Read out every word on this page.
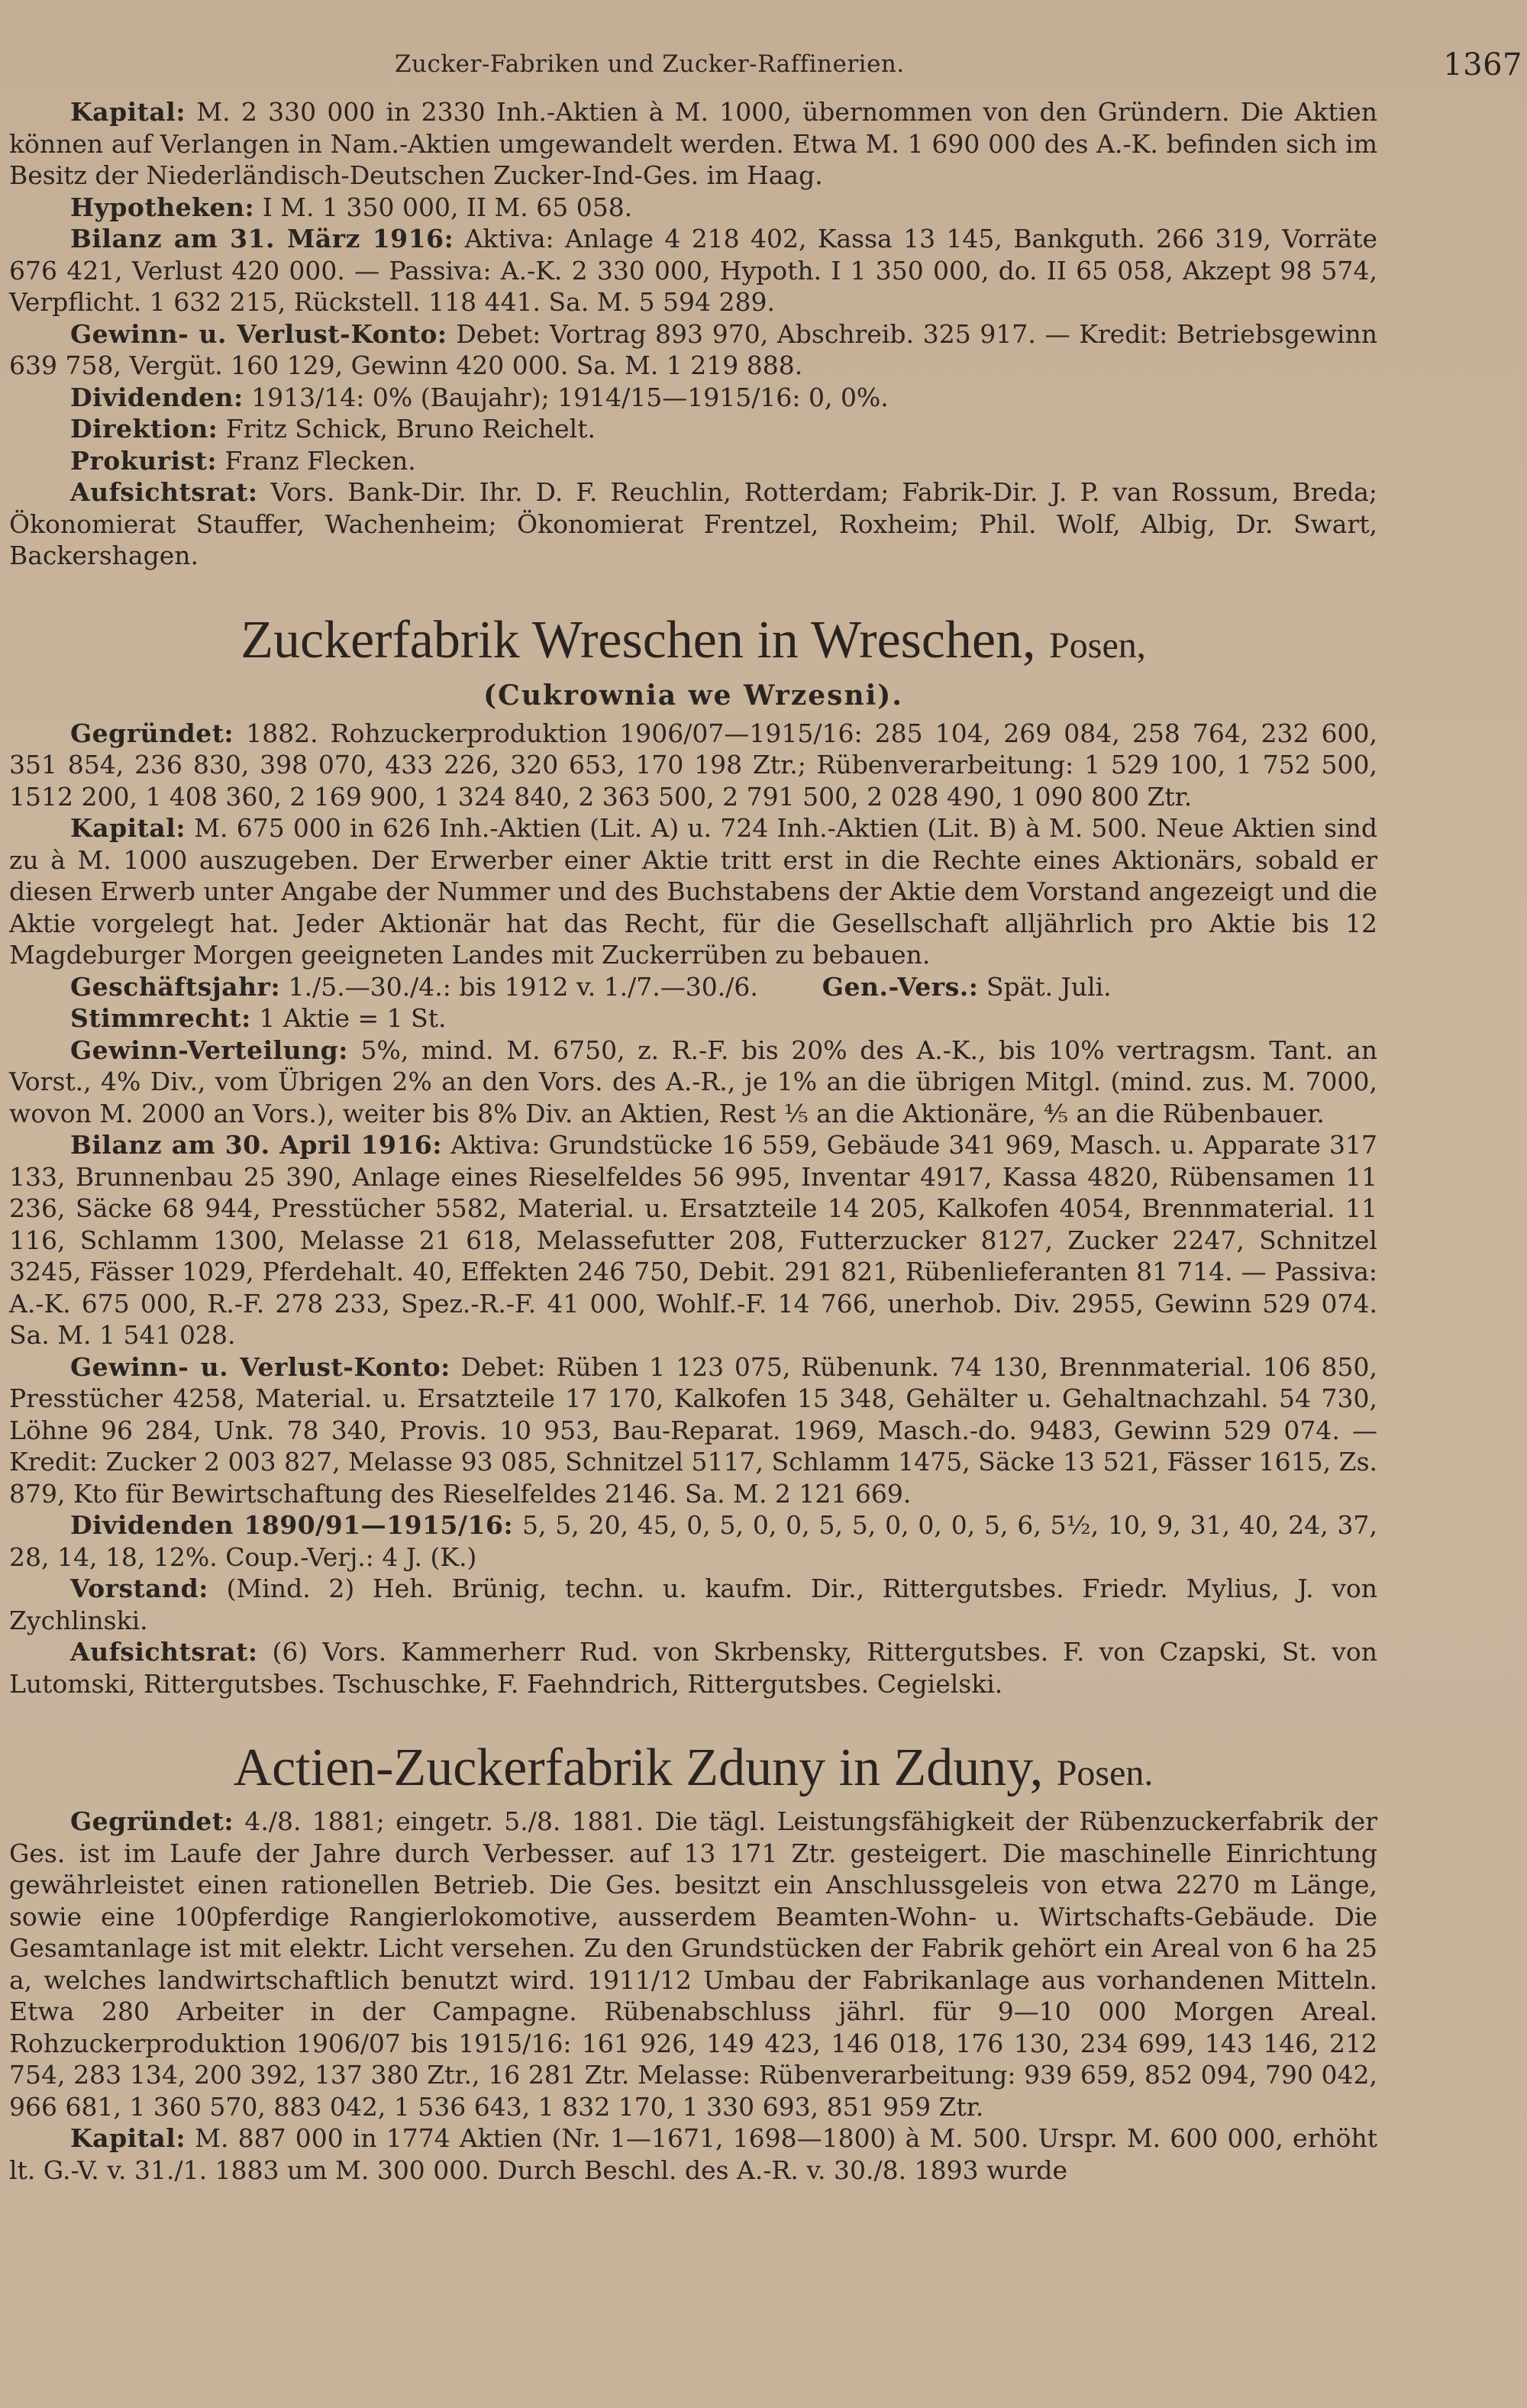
Zucker-Fabriken und Zucker-Raffinerien.	1367

Kapital: M. 2 330 000 in 2330 Inh.-Aktien à M. 1000, übernommen von den Gründern. Die Aktien können auf Verlangen in Nam.-Aktien umgewandelt werden. Etwa M. 1 690 000 des A.-K. befinden sich im Besitz der Niederländisch-Deutschen Zucker-Ind-Ges. im Haag.

Hypotheken: I M. 1 350 000, II M. 65 058.

Bilanz am 31. März 1916: Aktiva: Anlage 4 218 402, Kassa 13 145, Bankguth. 266 319, Vorräte 676 421, Verlust 420 000. — Passiva: A.-K. 2 330 000, Hypoth. I 1 350 000, do. II 65 058, Akzept 98 574, Verpflicht. 1 632 215, Rückstell. 118 441. Sa. M. 5 594 289.

Gewinn- u. Verlust-Konto: Debet: Vortrag 893 970, Abschreib. 325 917. — Kredit: Betriebsgewinn 639 758, Vergüt. 160 129, Gewinn 420 000. Sa. M. 1 219 888.

Dividenden: 1913/14: 0% (Baujahr); 1914/15—1915/16: 0, 0%.

Direktion: Fritz Schick, Bruno Reichelt.

Prokurist: Franz Flecken.

Aufsichtsrat: Vors. Bank-Dir. Ihr. D. F. Reuchlin, Rotterdam; Fabrik-Dir. J. P. van Rossum, Breda; Ökonomierat Stauffer, Wachenheim; Ökonomierat Frentzel, Roxheim; Phil. Wolf, Albig, Dr. Swart, Backershagen.

Zuckerfabrik Wreschen in Wreschen, Posen,
(Cukrownia we Wrzesni).

Gegründet: 1882. Rohzuckerproduktion 1906/07—1915/16: 285 104, 269 084, 258 764, 232 600, 351 854, 236 830, 398 070, 433 226, 320 653, 170 198 Ztr.; Rübenverarbeitung: 1 529 100, 1 752 500, 1512 200, 1 408 360, 2 169 900, 1 324 840, 2 363 500, 2 791 500, 2 028 490, 1 090 800 Ztr.

Kapital: M. 675 000 in 626 Inh.-Aktien (Lit. A) u. 724 Inh.-Aktien (Lit. B) à M. 500. Neue Aktien sind zu à M. 1000 auszugeben. Der Erwerber einer Aktie tritt erst in die Rechte eines Aktionärs, sobald er diesen Erwerb unter Angabe der Nummer und des Buchstabens der Aktie dem Vorstand angezeigt und die Aktie vorgelegt hat. Jeder Aktionär hat das Recht, für die Gesellschaft alljährlich pro Aktie bis 12 Magdeburger Morgen geeigneten Landes mit Zuckerrüben zu bebauen.

Geschäftsjahr: 1./5.—30./4.: bis 1912 v. 1./7.—30./6.	Gen.-Vers.: Spät. Juli.

Stimmrecht: 1 Aktie = 1 St.

Gewinn-Verteilung: 5%, mind. M. 6750, z. R.-F. bis 20% des A.-K., bis 10% vertragsm. Tant. an Vorst., 4% Div., vom Übrigen 2% an den Vors. des A.-R., je 1% an die übrigen Mitgl. (mind. zus. M. 7000, wovon M. 2000 an Vors.), weiter bis 8% Div. an Aktien, Rest ⅕ an die Aktionäre, ⅘ an die Rübenbauer.

Bilanz am 30. April 1916: Aktiva: Grundstücke 16 559, Gebäude 341 969, Masch. u. Apparate 317 133, Brunnenbau 25 390, Anlage eines Rieselfeldes 56 995, Inventar 4917, Kassa 4820, Rübensamen 11 236, Säcke 68 944, Presstücher 5582, Material. u. Ersatzteile 14 205, Kalkofen 4054, Brennmaterial. 11 116, Schlamm 1300, Melasse 21 618, Melassefutter 208, Futterzucker 8127, Zucker 2247, Schnitzel 3245, Fässer 1029, Pferdehalt. 40, Effekten 246 750, Debit. 291 821, Rübenlieferanten 81 714. — Passiva: A.-K. 675 000, R.-F. 278 233, Spez.-R.-F. 41 000, Wohlf.-F. 14 766, unerhob. Div. 2955, Gewinn 529 074. Sa. M. 1 541 028.

Gewinn- u. Verlust-Konto: Debet: Rüben 1 123 075, Rübenunk. 74 130, Brennmaterial. 106 850, Presstücher 4258, Material. u. Ersatzteile 17 170, Kalkofen 15 348, Gehälter u. Gehaltnachzahl. 54 730, Löhne 96 284, Unk. 78 340, Provis. 10 953, Bau-Reparat. 1969, Masch.-do. 9483, Gewinn 529 074. — Kredit: Zucker 2 003 827, Melasse 93 085, Schnitzel 5117, Schlamm 1475, Säcke 13 521, Fässer 1615, Zs. 879, Kto für Bewirtschaftung des Rieselfeldes 2146. Sa. M. 2 121 669.

Dividenden 1890/91—1915/16: 5, 5, 20, 45, 0, 5, 0, 0, 5, 5, 0, 0, 0, 5, 6, 5½, 10, 9, 31, 40, 24, 37, 28, 14, 18, 12%. Coup.-Verj.: 4 J. (K.)

Vorstand: (Mind. 2) Heh. Brünig, techn. u. kaufm. Dir., Rittergutsbes. Friedr. Mylius, J. von Zychlinski.

Aufsichtsrat: (6) Vors. Kammerherr Rud. von Skrbensky, Rittergutsbes. F. von Czapski, St. von Lutomski, Rittergutsbes. Tschuschke, F. Faehndrich, Rittergutsbes. Cegielski.

Actien-Zuckerfabrik Zduny in Zduny, Posen.

Gegründet: 4./8. 1881; eingetr. 5./8. 1881. Die tägl. Leistungsfähigkeit der Rübenzuckerfabrik der Ges. ist im Laufe der Jahre durch Verbesser. auf 13 171 Ztr. gesteigert. Die maschinelle Einrichtung gewährleistet einen rationellen Betrieb. Die Ges. besitzt ein Anschlussgeleis von etwa 2270 m Länge, sowie eine 100pferdige Rangierlokomotive, ausserdem Beamten-Wohn- u. Wirtschafts-Gebäude. Die Gesamtanlage ist mit elektr. Licht versehen. Zu den Grundstücken der Fabrik gehört ein Areal von 6 ha 25 a, welches landwirtschaftlich benutzt wird. 1911/12 Umbau der Fabrikanlage aus vorhandenen Mitteln. Etwa 280 Arbeiter in der Campagne. Rübenabschluss jährl. für 9—10 000 Morgen Areal. Rohzuckerproduktion 1906/07 bis 1915/16: 161 926, 149 423, 146 018, 176 130, 234 699, 143 146, 212 754, 283 134, 200 392, 137 380 Ztr., 16 281 Ztr. Melasse: Rübenverarbeitung: 939 659, 852 094, 790 042, 966 681, 1 360 570, 883 042, 1 536 643, 1 832 170, 1 330 693, 851 959 Ztr.

Kapital: M. 887 000 in 1774 Aktien (Nr. 1—1671, 1698—1800) à M. 500. Urspr. M. 600 000, erhöht lt. G.-V. v. 31./1. 1883 um M. 300 000. Durch Beschl. des A.-R. v. 30./8. 1893 wurde
